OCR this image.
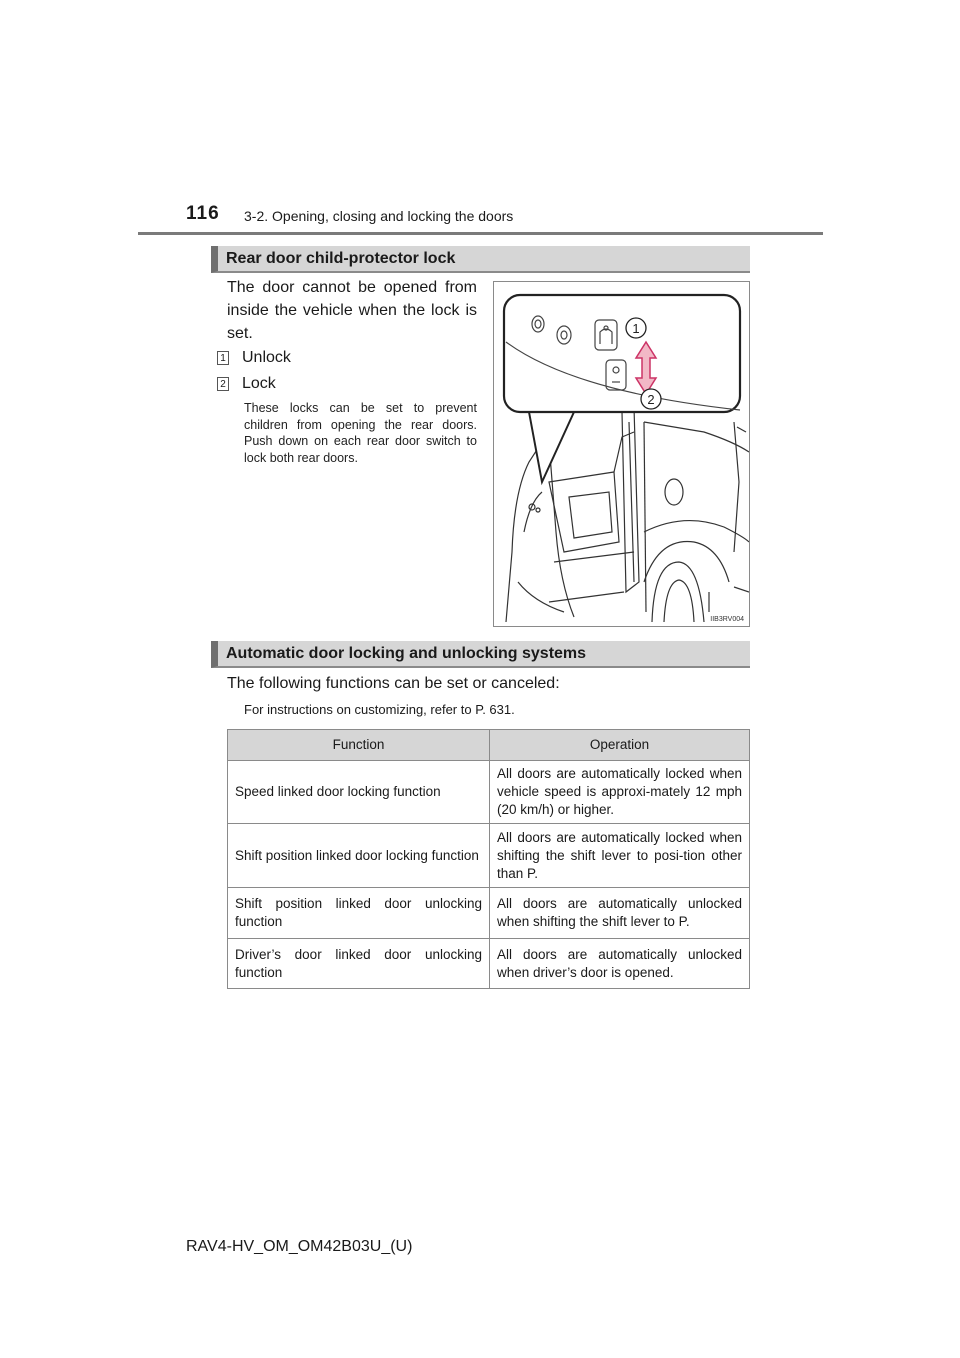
116 3-2. Opening, closing and locking the doors
Rear door child-protector lock
The door cannot be opened from inside the vehicle when the lock is set.
1 Unlock
2 Lock
These locks can be set to prevent children from opening the rear doors. Push down on each rear door switch to lock both rear doors.
1
2
IIB3RV004
Automatic door locking and unlocking systems
The following functions can be set or canceled:
For instructions on customizing, refer to P. 631.
Function	Operation
Speed linked door locking function	All doors are automatically locked when vehicle speed is approxi-mately 12 mph (20 km/h) or higher.
Shift position linked door locking function	All doors are automatically locked when shifting the shift lever to posi-tion other than P.
Shift position linked door unlocking function	All doors are automatically unlocked when shifting the shift lever to P.
Driver’s door linked door unlocking function	All doors are automatically unlocked when driver’s door is opened.
RAV4-HV_OM_OM42B03U_(U)
